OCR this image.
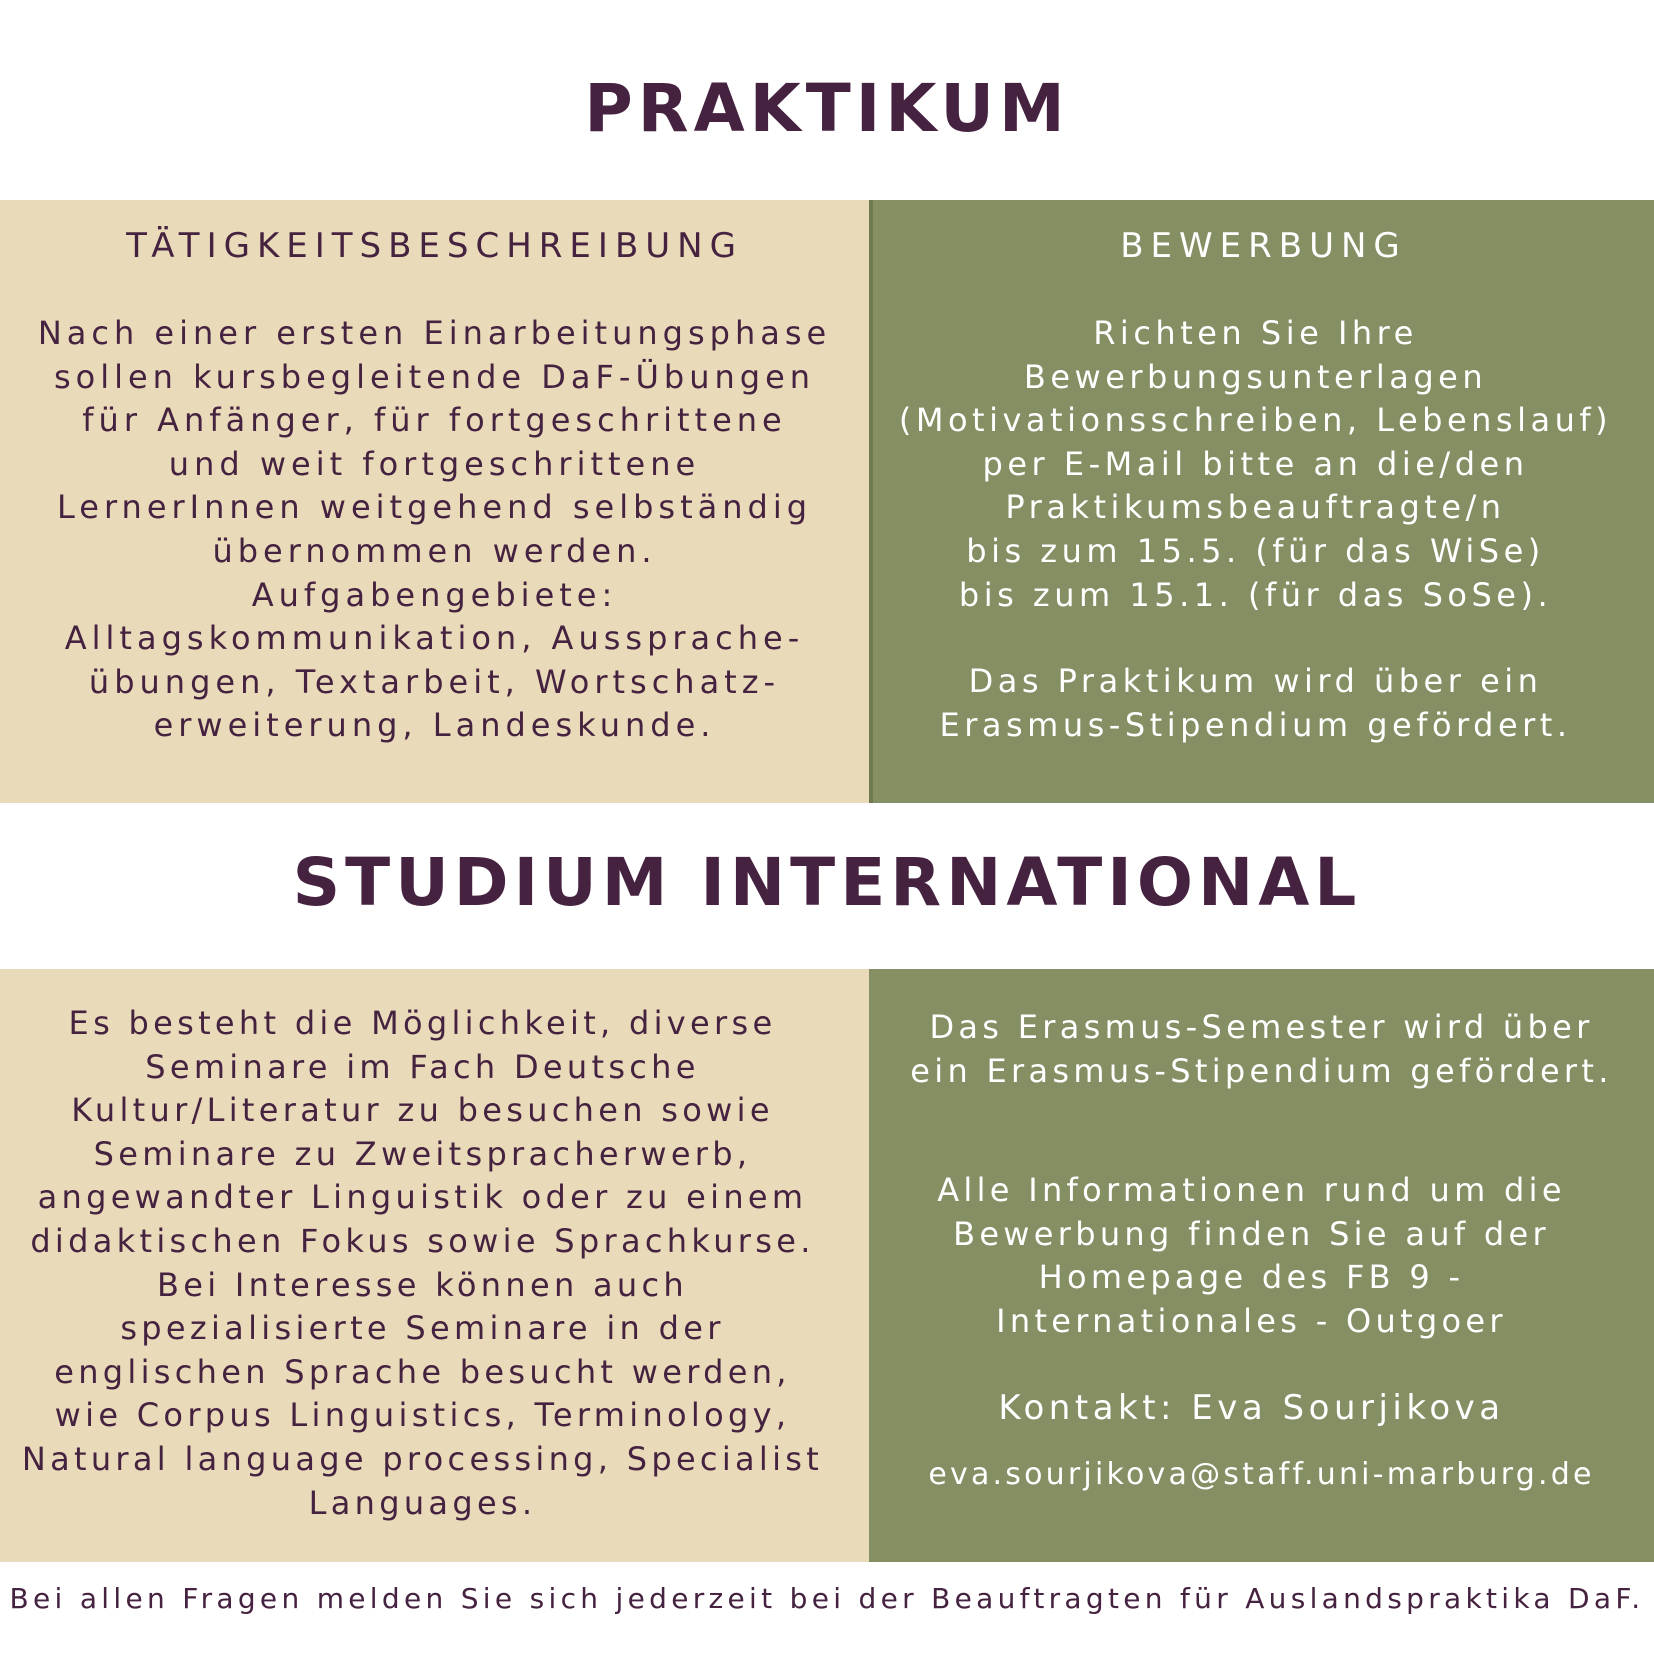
PRAKTIKUM
TÄTIGKEITSBESCHREIBUNG
Nach einer ersten Einarbeitungsphase
sollen kursbegleitende DaF-Übungen
für Anfänger, für fortgeschrittene
und weit fortgeschrittene
LernerInnen weitgehend selbständig
übernommen werden.
Aufgabengebiete:
Alltagskommunikation, Aussprache-
übungen, Textarbeit, Wortschatz-
erweiterung, Landeskunde.
BEWERBUNG
Richten Sie Ihre
Bewerbungsunterlagen
(Motivationsschreiben, Lebenslauf)
per E-Mail bitte an die/den
Praktikumsbeauftragte/n
bis zum 15.5. (für das WiSe)
bis zum 15.1. (für das SoSe).
Das Praktikum wird über ein
Erasmus-Stipendium gefördert.
STUDIUM INTERNATIONAL
Es besteht die Möglichkeit, diverse
Seminare im Fach Deutsche
Kultur/Literatur zu besuchen sowie
Seminare zu Zweitspracherwerb,
angewandter Linguistik oder zu einem
didaktischen Fokus sowie Sprachkurse.
Bei Interesse können auch
spezialisierte Seminare in der
englischen Sprache besucht werden,
wie Corpus Linguistics, Terminology,
Natural language processing, Specialist
Languages.
Das Erasmus-Semester wird über
ein Erasmus-Stipendium gefördert.
Alle Informationen rund um die
Bewerbung finden Sie auf der
Homepage des FB 9 -
Internationales - Outgoer
Kontakt: Eva Sourjikova
eva.sourjikova@staff.uni-marburg.de
Bei allen Fragen melden Sie sich jederzeit bei der Beauftragten für Auslandspraktika DaF.
